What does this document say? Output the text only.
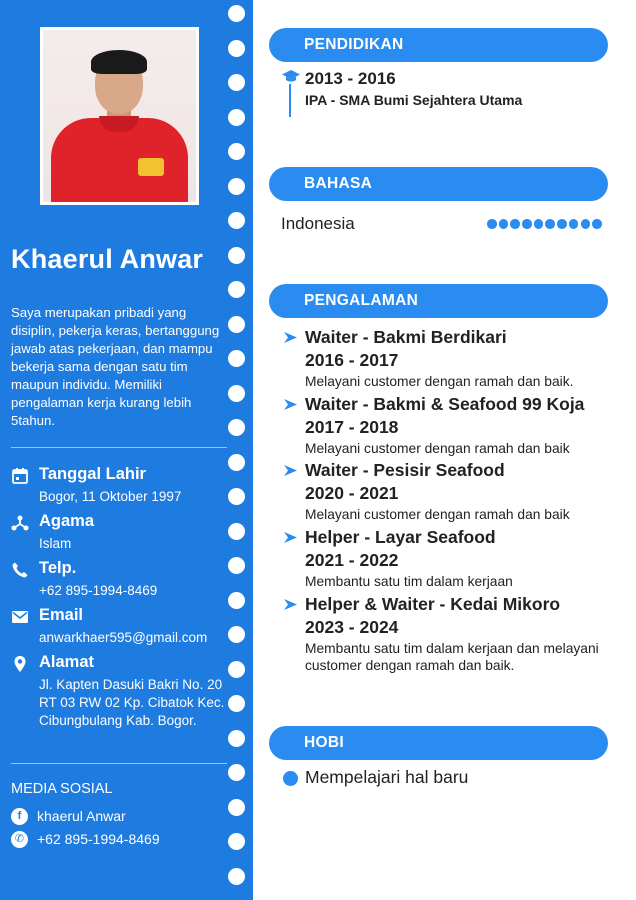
Khaerul Anwar
Saya merupakan pribadi yang disiplin, pekerja keras, bertanggung jawab atas pekerjaan, dan mampu bekerja sama dengan satu tim maupun individu. Memiliki pengalaman kerja kurang lebih 5tahun.
Tanggal Lahir
Bogor, 11 Oktober 1997
Agama
Islam
Telp.
+62 895-1994-8469
Email
anwarkhaer595@gmail.com
Alamat
Jl. Kapten Dasuki Bakri No. 20 RT 03 RW 02 Kp. Cibatok Kec. Cibungbulang Kab. Bogor.
MEDIA SOSIAL
f	khaerul Anwar
✆ +62 895-1994-8469
PENDIDIKAN
2013 - 2016
IPA - SMA Bumi Sejahtera Utama
BAHASA
Indonesia
PENGALAMAN
Waiter - Bakmi Berdikari
2016 - 2017
Melayani customer dengan ramah dan baik.
Waiter - Bakmi & Seafood 99 Koja
2017 - 2018
Melayani customer dengan ramah dan baik
Waiter - Pesisir Seafood
2020 - 2021
Melayani customer dengan ramah dan baik
Helper - Layar Seafood
2021 - 2022
Membantu satu tim dalam kerjaan
Helper & Waiter - Kedai Mikoro
2023 - 2024
Membantu satu tim dalam kerjaan dan melayani customer dengan ramah dan baik.
HOBI
Mempelajari hal baru
